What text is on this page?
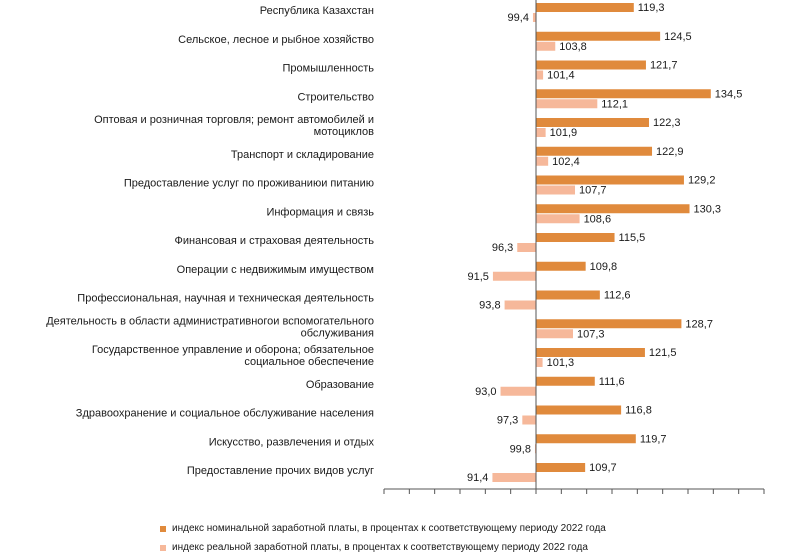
Республика Казахстан	119,3
99,4
Сельское, лесное и рыбное хозяйство	124,5
103,8
Промышленность	121,7
101,4
Строительство	134,5
112,1
Оптовая и розничная торговля; ремонт автомобилей и мотоциклов
122,3
101,9
Транспорт и складирование	122,9
102,4
Предоставление услуг по проживаниюи питанию	129,2
107,7
Информация и связь	130,3
108,6
Финансовая и страховая деятельность	115,5
96,3
Операции с недвижимым имуществом	109,8
91,5
Профессиональная, научная и техническая деятельность	112,6
93,8
Деятельность в области административногои вспомогательного обслуживания
128,7
107,3
Государственное управление и оборона; обязательное социальное обеспечение
121,5
101,3
Образование	111,6
93,0
Здравоохранение и социальное обслуживание населения	116,8
97,3
Искусство, развлечения и отдых	119,7
99,8
Предоставление прочих видов услуг	109,7
91,4
индекс номинальной заработной платы, в процентах к соответствующему периоду 2022 года
индекс реальной заработной платы, в процентах к соответствующему периоду 2022 года
